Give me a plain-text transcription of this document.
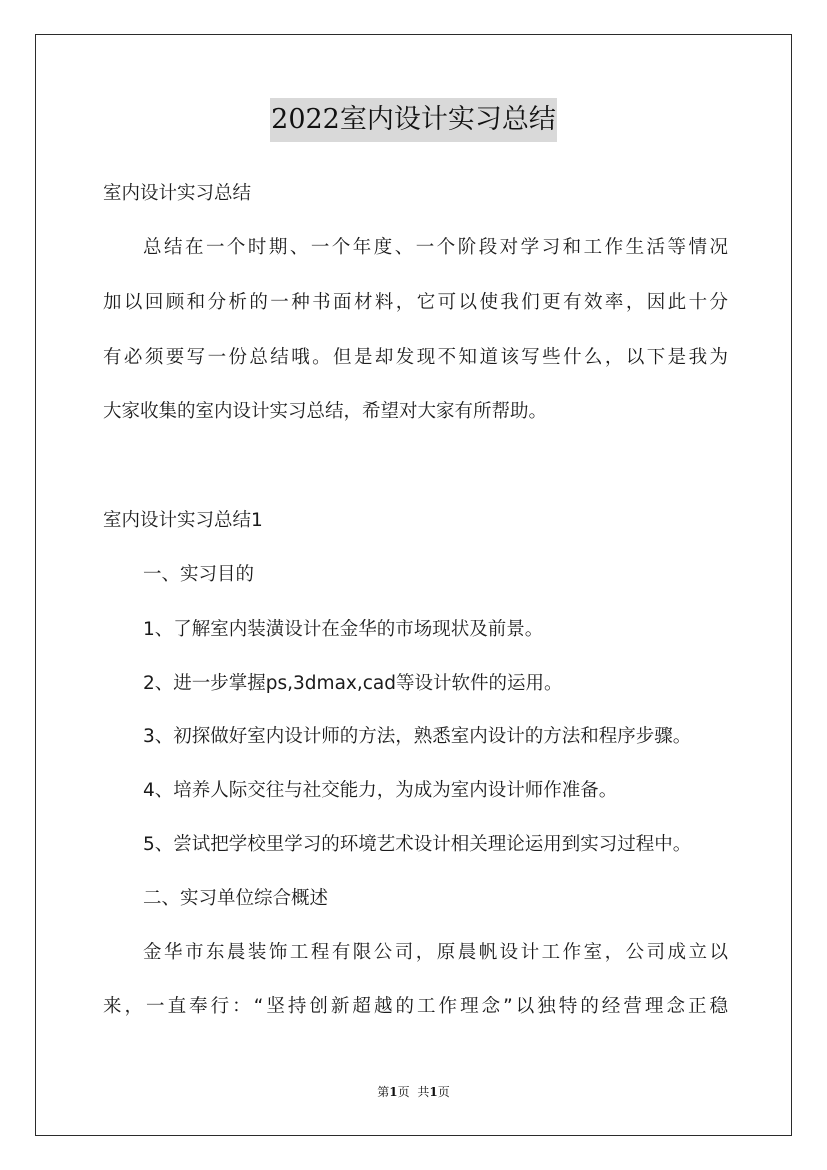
2022室内设计实习总结
室内设计实习总结
总结在一个时期、一个年度、一个阶段对学习和工作生活等情况
加以回顾和分析的一种书面材料，它可以使我们更有效率，因此十分
有必须要写一份总结哦。但是却发现不知道该写些什么，以下是我为
大家收集的室内设计实习总结，希望对大家有所帮助。
室内设计实习总结1
一、实习目的
1、了解室内装潢设计在金华的市场现状及前景。
2、进一步掌握ps,3dmax,cad等设计软件的运用。
3、初探做好室内设计师的方法，熟悉室内设计的方法和程序步骤。
4、培养人际交往与社交能力，为成为室内设计师作准备。
5、尝试把学校里学习的环境艺术设计相关理论运用到实习过程中。
二、实习单位综合概述
金华市东晨装饰工程有限公司，原晨帆设计工作室，公司成立以
来，一直奉行：“坚持创新超越的工作理念”以独特的经营理念正稳
第1页 共1页
